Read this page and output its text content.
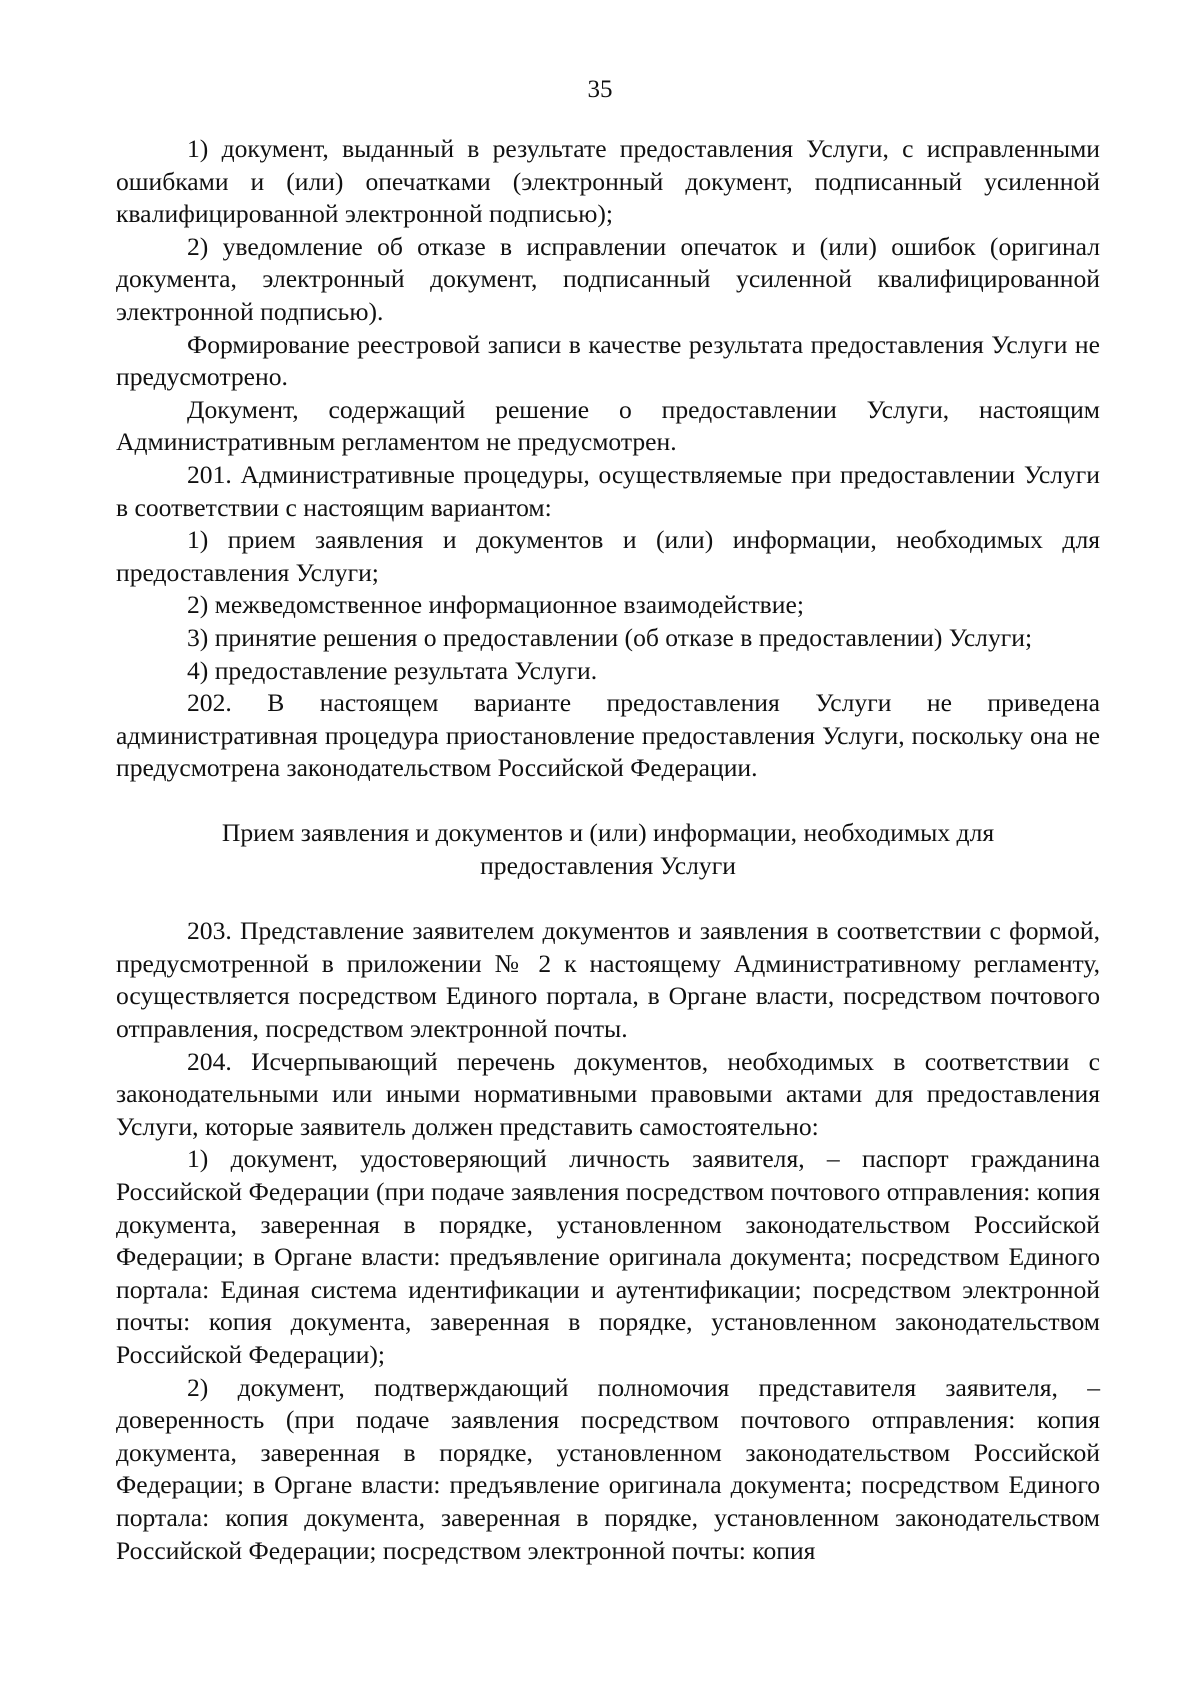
35

1) документ, выданный в результате предоставления Услуги, с исправленными ошибками и (или) опечатками (электронный документ, подписанный усиленной квалифицированной электронной подписью);

2) уведомление об отказе в исправлении опечаток и (или) ошибок (оригинал документа, электронный документ, подписанный усиленной квалифицированной электронной подписью).

Формирование реестровой записи в качестве результата предоставления Услуги не предусмотрено.

Документ, содержащий решение о предоставлении Услуги, настоящим Административным регламентом не предусмотрен.

201. Административные процедуры, осуществляемые при предоставлении Услуги в соответствии с настоящим вариантом:

1) прием заявления и документов и (или) информации, необходимых для предоставления Услуги;

2) межведомственное информационное взаимодействие;

3) принятие решения о предоставлении (об отказе в предоставлении) Услуги;

4) предоставление результата Услуги.

202. В настоящем варианте предоставления Услуги не приведена административная процедура приостановление предоставления Услуги, поскольку она не предусмотрена законодательством Российской Федерации.

Прием заявления и документов и (или) информации, необходимых для предоставления Услуги

203. Представление заявителем документов и заявления в соответствии с формой, предусмотренной в приложении № 2 к настоящему Административному регламенту, осуществляется посредством Единого портала, в Органе власти, посредством почтового отправления, посредством электронной почты.

204. Исчерпывающий перечень документов, необходимых в соответствии с законодательными или иными нормативными правовыми актами для предоставления Услуги, которые заявитель должен представить самостоятельно:

1) документ, удостоверяющий личность заявителя, – паспорт гражданина Российской Федерации (при подаче заявления посредством почтового отправления: копия документа, заверенная в порядке, установленном законодательством Российской Федерации; в Органе власти: предъявление оригинала документа; посредством Единого портала: Единая система идентификации и аутентификации; посредством электронной почты: копия документа, заверенная в порядке, установленном законодательством Российской Федерации);

2) документ, подтверждающий полномочия представителя заявителя, – доверенность (при подаче заявления посредством почтового отправления: копия документа, заверенная в порядке, установленном законодательством Российской Федерации; в Органе власти: предъявление оригинала документа; посредством Единого портала: копия документа, заверенная в порядке, установленном законодательством Российской Федерации; посредством электронной почты: копия
